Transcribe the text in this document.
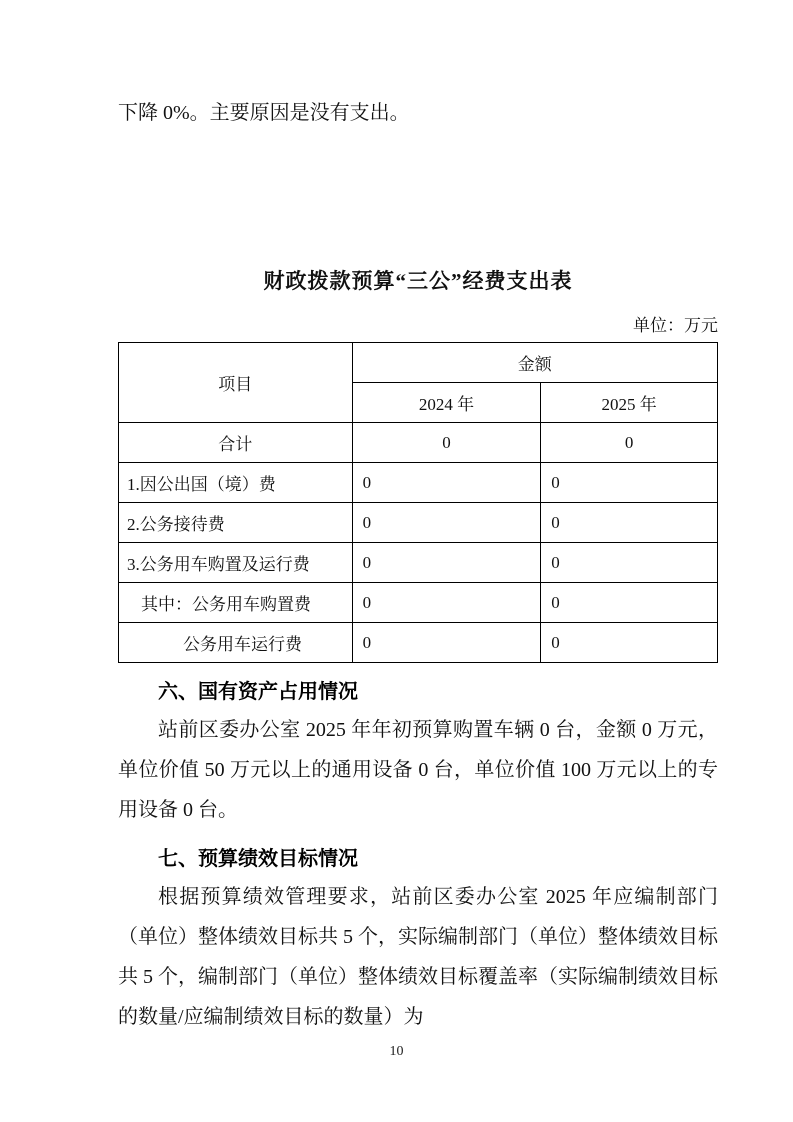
下降 0%。主要原因是没有支出。

财政拨款预算“三公”经费支出表
单位：万元
项目	金额	
	2024 年	2025 年
合计	0	0
1.因公出国（境）费	0	0
2.公务接待费	0	0
3.公务用车购置及运行费	0	0
其中：公务用车购置费	0	0
公务用车运行费	0	0
六、国有资产占用情况

站前区委办公室 2025 年年初预算购置车辆 0 台，金额 0 万元，单位价值 50 万元以上的通用设备 0 台，单位价值 100 万元以上的专用设备 0 台。

七、预算绩效目标情况

根据预算绩效管理要求，站前区委办公室 2025 年应编制部门（单位）整体绩效目标共 5 个，实际编制部门（单位）整体绩效目标共 5 个，编制部门（单位）整体绩效目标覆盖率（实际编制绩效目标的数量/应编制绩效目标的数量）为

10
